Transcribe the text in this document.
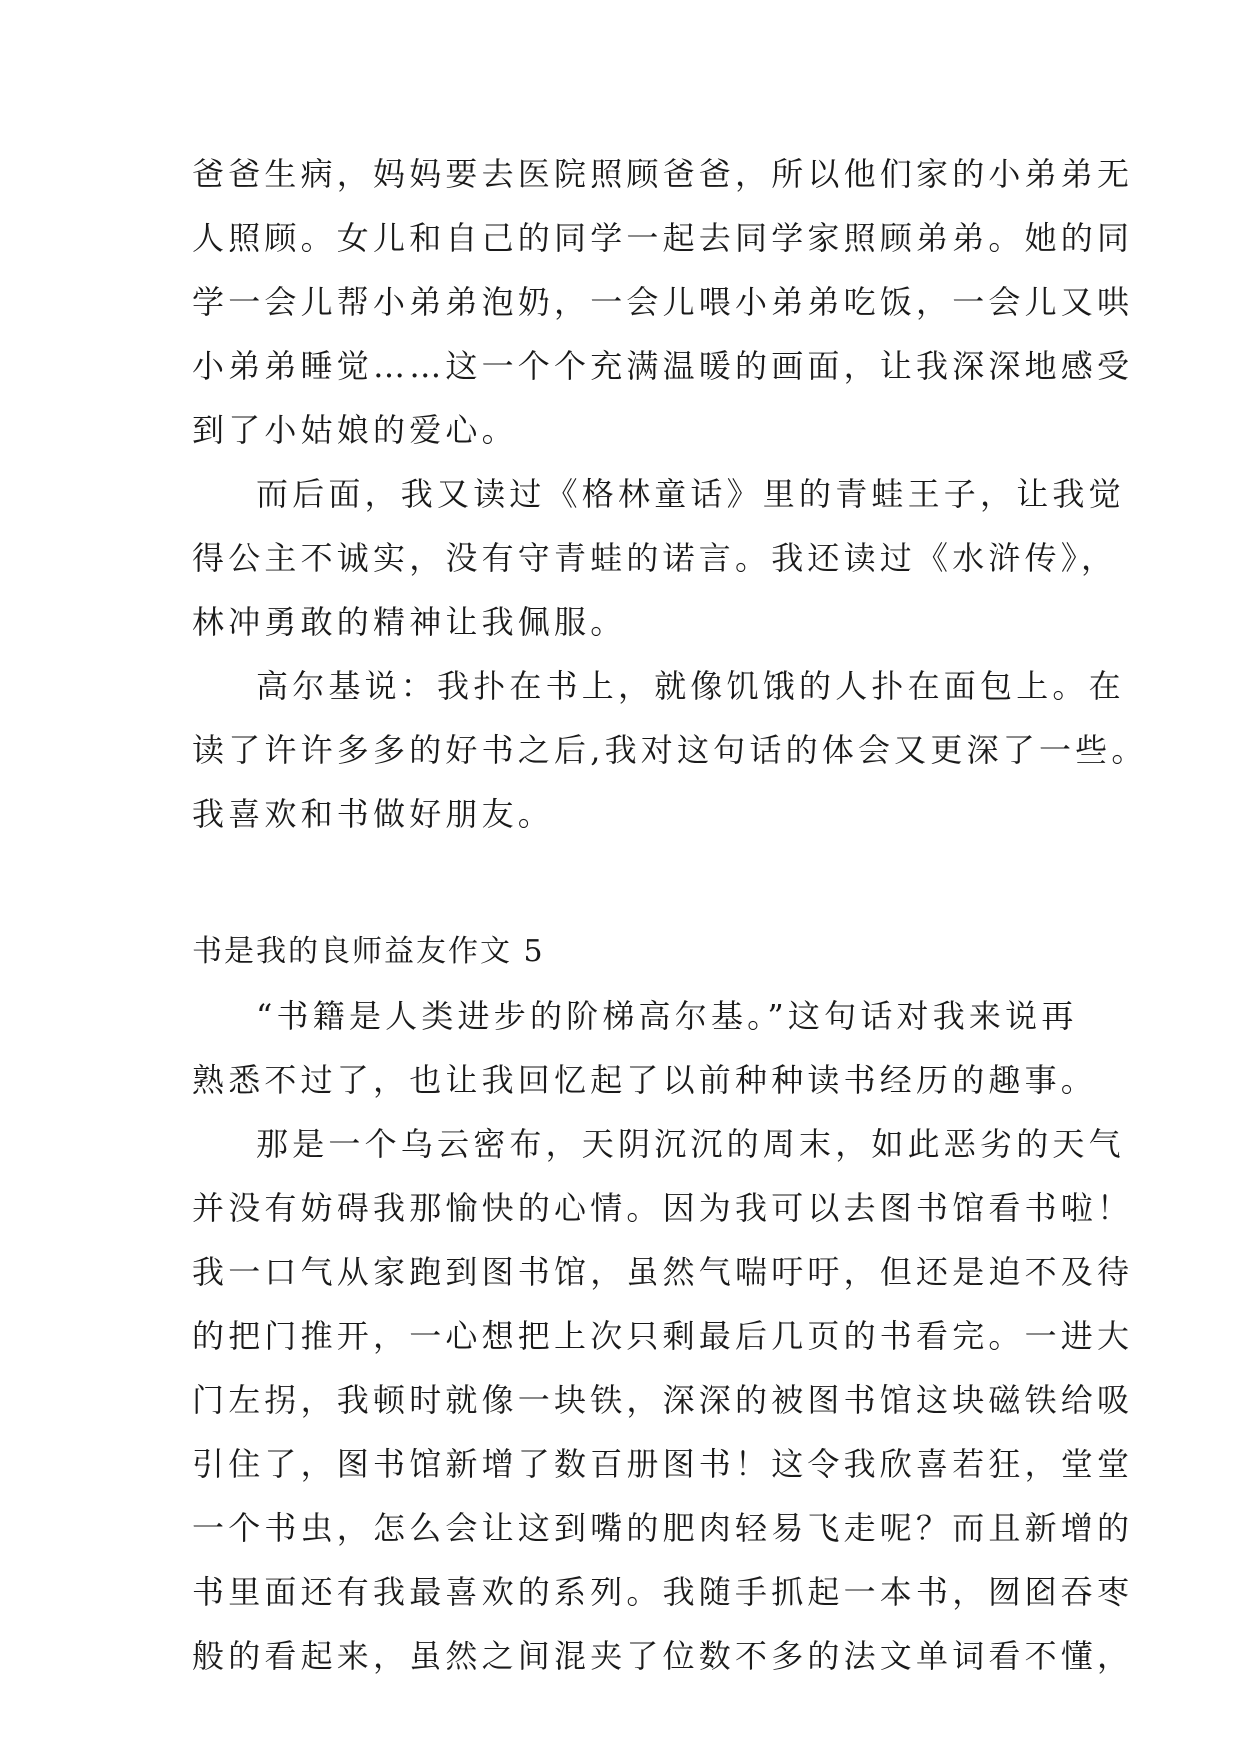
爸爸生病，妈妈要去医院照顾爸爸，所以他们家的小弟弟无
人照顾。女儿和自己的同学一起去同学家照顾弟弟。她的同
学一会儿帮小弟弟泡奶，一会儿喂小弟弟吃饭，一会儿又哄
小弟弟睡觉……这一个个充满温暖的画面，让我深深地感受
到了小姑娘的爱心。
而后面，我又读过《格林童话》里的青蛙王子，让我觉
得公主不诚实，没有守青蛙的诺言。我还读过《水浒传》，
林冲勇敢的精神让我佩服。
高尔基说：我扑在书上，就像饥饿的人扑在面包上。在
读了许许多多的好书之后,我对这句话的体会又更深了一些。
我喜欢和书做好朋友。
书是我的良师益友作文 5
“书籍是人类进步的阶梯高尔基。”这句话对我来说再
熟悉不过了，也让我回忆起了以前种种读书经历的趣事。
那是一个乌云密布，天阴沉沉的周末，如此恶劣的天气
并没有妨碍我那愉快的心情。因为我可以去图书馆看书啦！
我一口气从家跑到图书馆，虽然气喘吁吁，但还是迫不及待
的把门推开，一心想把上次只剩最后几页的书看完。一进大
门左拐，我顿时就像一块铁，深深的被图书馆这块磁铁给吸
引住了，图书馆新增了数百册图书！这令我欣喜若狂，堂堂
一个书虫，怎么会让这到嘴的肥肉轻易飞走呢？而且新增的
书里面还有我最喜欢的系列。我随手抓起一本书，囫囵吞枣
般的看起来，虽然之间混夹了位数不多的法文单词看不懂，
